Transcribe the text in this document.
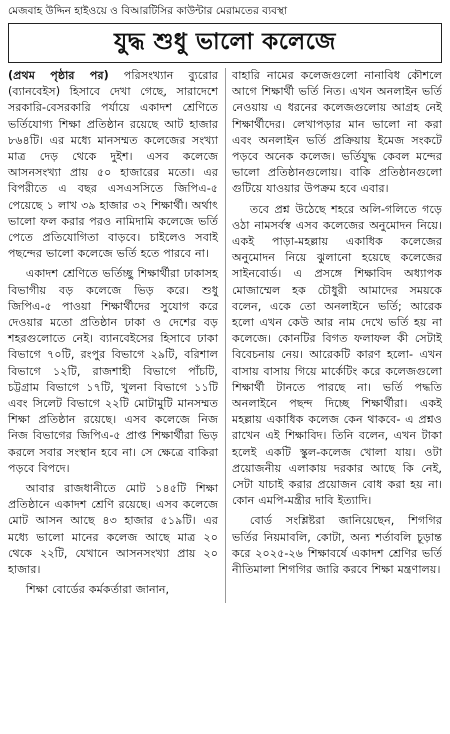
মেজবাহ উদ্দিন হাইওয়ে ও বিআরটিসির কাউন্টার মেরামতের ব্যবস্থা
যুদ্ধ শুধু ভালো কলেজে

(প্রথম পৃষ্ঠার পর) পরিসংখ্যান ব্যুরোর (ব্যানবেইস) হিসাবে দেখা গেছে, সারাদেশে সরকারি-বেসরকারি পর্যায়ে একাদশ শ্রেণিতে ভর্তিযোগ্য শিক্ষা প্রতিষ্ঠান রয়েছে আট হাজার ৮৬৪টি। এর মধ্যে মানসম্মত কলেজের সংখ্যা মাত্র দেড় থেকে দুইশ। এসব কলেজে আসনসংখ্যা প্রায় ৫০ হাজারের মতো। এর বিপরীতে এ বছর এসএসসিতে জিপিএ-৫ পেয়েছে ১ লাখ ৩৯ হাজার ৩২ শিক্ষার্থী। অর্থাৎ ভালো ফল করার পরও নামিদামি কলেজে ভর্তি পেতে প্রতিযোগিতা বাড়বে। চাইলেও সবাই পছন্দের ভালো কলেজে ভর্তি হতে পারবে না।

একাদশ শ্রেণিতে ভর্তিচ্ছু শিক্ষার্থীরা ঢাকাসহ বিভাগীয় বড় কলেজে ভিড় করে। শুধু জিপিএ-৫ পাওয়া শিক্ষার্থীদের সুযোগ করে দেওয়ার মতো প্রতিষ্ঠান ঢাকা ও দেশের বড় শহরগুলোতে নেই। ব্যানবেইসের হিসাবে ঢাকা বিভাগে ৭০টি, রংপুর বিভাগে ২৯টি, বরিশাল বিভাগে ১২টি, রাজশাহী বিভাগে পাঁচটি, চট্টগ্রাম বিভাগে ১৭টি, খুলনা বিভাগে ১১টি এবং সিলেট বিভাগে ২২টি মোটামুটি মানসম্মত শিক্ষা প্রতিষ্ঠান রয়েছে। এসব কলেজে নিজ নিজ বিভাগের জিপিএ-৫ প্রাপ্ত শিক্ষার্থীরা ভিড় করলে সবার সংস্থান হবে না। সে ক্ষেত্রে বাকিরা পড়বে বিপদে।

আবার রাজধানীতে মোট ১৪৫টি শিক্ষা প্রতিষ্ঠানে একাদশ শ্রেণি রয়েছে। এসব কলেজে মোট আসন আছে ৪৩ হাজার ৫১৯টি। এর মধ্যে ভালো মানের কলেজ আছে মাত্র ২০ থেকে ২২টি, যেখানে আসনসংখ্যা প্রায় ২০ হাজার।

শিক্ষা বোর্ডের কর্মকর্তারা জানান,

বাহারি নামের কলেজগুলো নানাবিধ কৌশলে আগে শিক্ষার্থী ভর্তি নিত। এখন অনলাইন ভর্তি নেওয়ায় এ ধরনের কলেজগুলোয় আগ্রহ নেই শিক্ষার্থীদের। লেখাপড়ার মান ভালো না করা এবং অনলাইন ভর্তি প্রক্রিয়ায় ইমেজ সংকটে পড়বে অনেক কলেজ। ভর্তিযুদ্ধ কেবল মন্দের ভালো প্রতিষ্ঠানগুলোয়। বাকি প্রতিষ্ঠানগুলো গুটিয়ে যাওয়ার উপক্রম হবে এবার।

তবে প্রশ্ন উঠেছে শহরে অলি-গলিতে গড়ে ওঠা নামসর্বস্ব এসব কলেজের অনুমোদন নিয়ে। একই পাড়া-মহল্লায় একাধিক কলেজের অনুমোদন নিয়ে ঝুলানো হয়েছে কলেজের সাইনবোর্ড। এ প্রসঙ্গে শিক্ষাবিদ অধ্যাপক মোজাম্মেল হক চৌধুরী আমাদের সময়কে বলেন, একে তো অনলাইনে ভর্তি; আরেক হলো এখন কেউ আর নাম দেখে ভর্তি হয় না কলেজে। কোনটির বিগত ফলাফল কী সেটাই বিবেচনায় নেয়। আরেকটি কারণ হলো- এখন বাসায় বাসায় গিয়ে মার্কেটিং করে কলেজগুলো শিক্ষার্থী টানতে পারছে না। ভর্তি পদ্ধতি অনলাইনে পছন্দ দিচ্ছে শিক্ষার্থীরা। একই মহল্লায় একাধিক কলেজ কেন থাকবে- এ প্রশ্নও রাখেন এই শিক্ষাবিদ। তিনি বলেন, এখন টাকা হলেই একটি স্কুল-কলেজ খোলা যায়। ওটা প্রয়োজনীয় এলাকায় দরকার আছে কি নেই, সেটা যাচাই করার প্রয়োজন বোধ করা হয় না। কোন এমপি-মন্ত্রীর দাবি ইত্যাদি।

বোর্ড সংশ্লিষ্টরা জানিয়েছেন, শিগগির ভর্তির নিয়মাবলি, কোটা, অন্য শর্তাবলি চূড়ান্ত করে ২০২৫-২৬ শিক্ষাবর্ষে একাদশ শ্রেণির ভর্তি নীতিমালা শিগগির জারি করবে শিক্ষা মন্ত্রণালয়।
